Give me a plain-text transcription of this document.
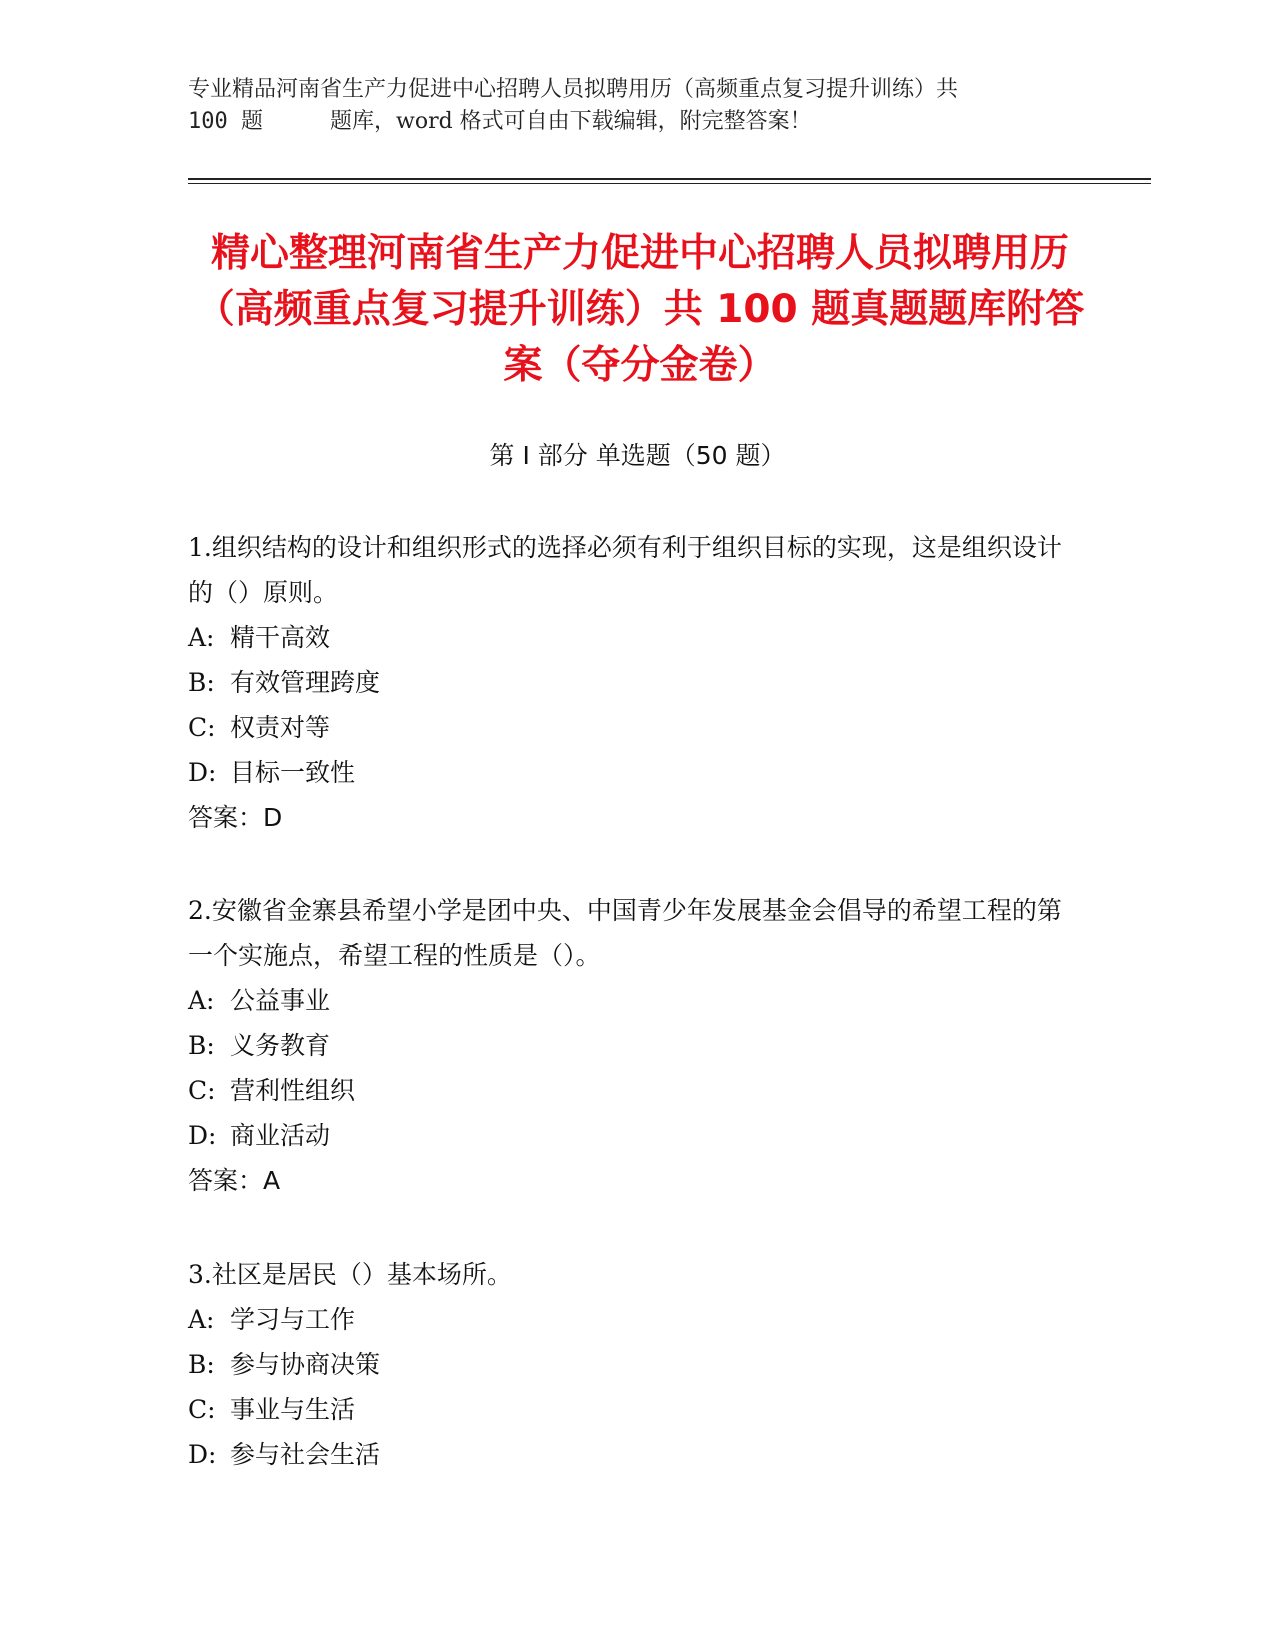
专业精品河南省生产力促进中心招聘人员拟聘用历（高频重点复习提升训练）共
100 题	题库，word 格式可自由下载编辑，附完整答案！
精心整理河南省生产力促进中心招聘人员拟聘用历（高频重点复习提升训练）共 100 题真题题库附答案（夺分金卷）
第 I 部分 单选题（50 题）
1.组织结构的设计和组织形式的选择必须有利于组织目标的实现，这是组织设计的（）原则。
A: 精干高效
B: 有效管理跨度
C: 权责对等
D: 目标一致性
答案：D
2.安徽省金寨县希望小学是团中央、中国青少年发展基金会倡导的希望工程的第一个实施点，希望工程的性质是（）。
A: 公益事业
B: 义务教育
C: 营利性组织
D: 商业活动
答案：A
3.社区是居民（）基本场所。
A: 学习与工作
B: 参与协商决策
C: 事业与生活
D: 参与社会生活
